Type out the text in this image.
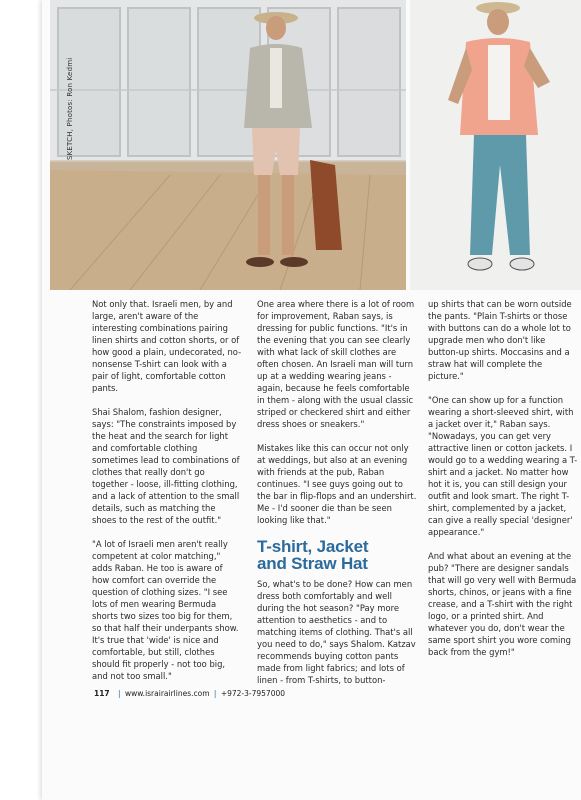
SKETCH, Photos: Ron Kedmi

Not only that. Israeli men, by and large, aren't aware of the interesting combinations pairing linen shirts and cotton shorts, or of how good a plain, undecorated, no-nonsense T-shirt can look with a pair of light, comfortable cotton pants.

Shai Shalom, fashion designer, says: "The constraints imposed by the heat and the search for light and comfortable clothing sometimes lead to combinations of clothes that really don't go together - loose, ill-fitting clothing, and a lack of attention to the small details, such as matching the shoes to the rest of the outfit."

"A lot of Israeli men aren't really competent at color matching," adds Raban. He too is aware of how comfort can override the question of clothing sizes. "I see lots of men wearing Bermuda shorts two sizes too big for them, so that half their underpants show. It's true that 'wide' is nice and comfortable, but still, clothes should fit properly - not too big, and not too small."

One area where there is a lot of room for improvement, Raban says, is dressing for public functions. "It's in the evening that you can see clearly with what lack of skill clothes are often chosen. An Israeli man will turn up at a wedding wearing jeans - again, because he feels comfortable in them - along with the usual classic striped or checkered shirt and either dress shoes or sneakers."

Mistakes like this can occur not only at weddings, but also at an evening with friends at the pub, Raban continues. "I see guys going out to the bar in flip-flops and an undershirt. Me - I'd sooner die than be seen looking like that."

T-shirt, Jacket
and Straw Hat

So, what's to be done? How can men dress both comfortably and well during the hot season? "Pay more attention to aesthetics - and to matching items of clothing. That's all you need to do," says Shalom. Katzav recommends buying cotton pants made from light fabrics; and lots of linen - from T-shirts, to button-

up shirts that can be worn outside the pants. "Plain T-shirts or those with buttons can do a whole lot to upgrade men who don't like button-up shirts. Moccasins and a straw hat will complete the picture."

"One can show up for a function wearing a short-sleeved shirt, with a jacket over it," Raban says. "Nowadays, you can get very attractive linen or cotton jackets. I would go to a wedding wearing a T-shirt and a jacket. No matter how hot it is, you can still design your outfit and look smart. The right T-shirt, complemented by a jacket, can give a really special 'designer' appearance."

And what about an evening at the pub? "There are designer sandals that will go very well with Bermuda shorts, chinos, or jeans with a fine crease, and a T-shirt with the right logo, or a printed shirt. And whatever you do, don't wear the same sport shirt you wore coming back from the gym!"

117 | www.israirairlines.com | +972-3-7957000
